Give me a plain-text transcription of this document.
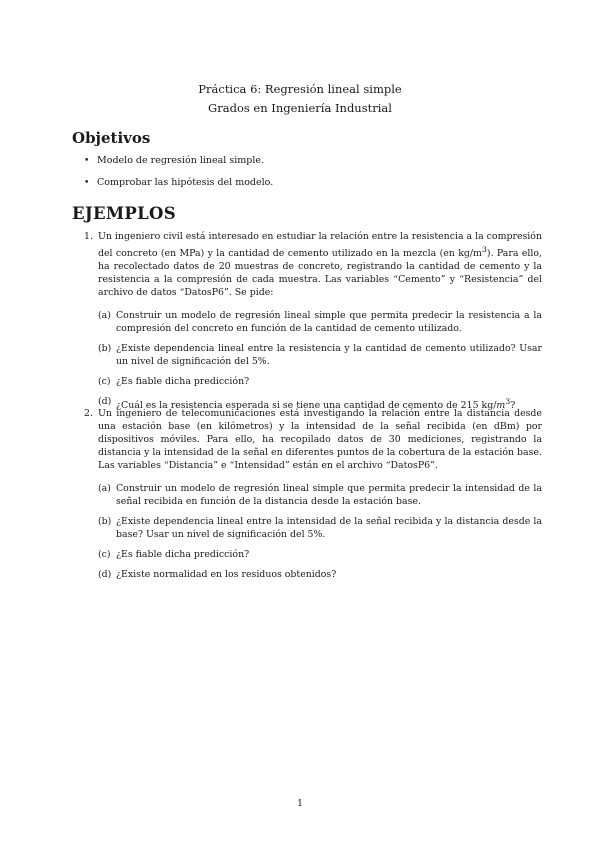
Práctica 6: Regresión lineal simple
Grados en Ingeniería Industrial
Objetivos
• Modelo de regresión lineal simple.
• Comprobar las hipótesis del modelo.
EJEMPLOS
1. Un ingeniero civil está interesado en estudiar la relación entre la resistencia a la compresión del concreto (en MPa) y la cantidad de cemento utilizado en la mezcla (en $kg/m^3$). Para ello, ha recolectado datos de 20 muestras de concreto, registrando la cantidad de cemento y la resistencia a la compresión de cada muestra. Las variables “Cemento” y “Resistencia” del archivo de datos “DatosP6”. Se pide:
(a) Construir un modelo de regresión lineal simple que permita predecir la resistencia a la compresión del concreto en función de la cantidad de cemento utilizado.
(b) ¿Existe dependencia lineal entre la resistencia y la cantidad de cemento utilizado? Usar un nivel de significación del 5%.
(c) ¿Es fiable dicha predicción?
(d) ¿Cuál es la resistencia esperada si se tiene una cantidad de cemento de 215 $kg/m^3$?
2. Un ingeniero de telecomunicaciones está investigando la relación entre la distancia desde una estación base (en kilómetros) y la intensidad de la señal recibida (en dBm) por dispositivos móviles. Para ello, ha recopilado datos de 30 mediciones, registrando la distancia y la intensidad de la señal en diferentes puntos de la cobertura de la estación base. Las variables “Distancia” e “Intensidad” están en el archivo “DatosP6”.
(a) Construir un modelo de regresión lineal simple que permita predecir la intensidad de la señal recibida en función de la distancia desde la estación base.
(b) ¿Existe dependencia lineal entre la intensidad de la señal recibida y la distancia desde la base? Usar un nivel de significación del 5%.
(c) ¿Es fiable dicha predicción?
(d) ¿Existe normalidad en los residuos obtenidos?
1
